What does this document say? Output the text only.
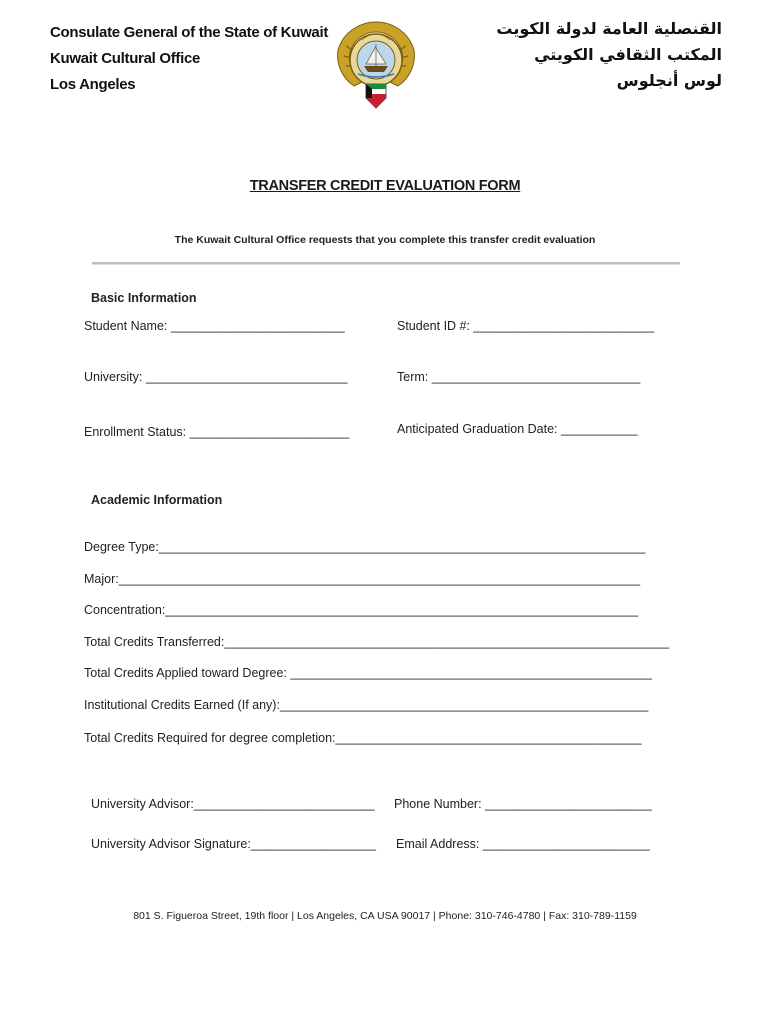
Consulate General of the State of Kuwait
Kuwait Cultural Office
Los Angeles
القنصلية العامة لدولة الكويت
المكتب الثقافي الكويتي
لوس أنجلوس
TRANSFER CREDIT EVALUATION FORM
The Kuwait Cultural Office requests that you complete this transfer credit evaluation
Basic Information
Student Name: _________________________	Student ID #: __________________________
University: _____________________________	Term: ______________________________
Enrollment Status: _______________________	Anticipated Graduation Date: ___________
Academic Information
Degree Type:______________________________________________________________________
Major:___________________________________________________________________________
Concentration:____________________________________________________________________
Total Credits Transferred:________________________________________________________________
Total Credits Applied toward Degree: ____________________________________________________
Institutional Credits Earned (If any):_____________________________________________________
Total Credits Required for degree completion:____________________________________________
University Advisor:__________________________ Phone Number: ________________________
University Advisor Signature:__________________ Email Address: ________________________
801 S. Figueroa Street, 19th floor | Los Angeles, CA USA 90017 | Phone: 310-746-4780 | Fax: 310-789-1159
